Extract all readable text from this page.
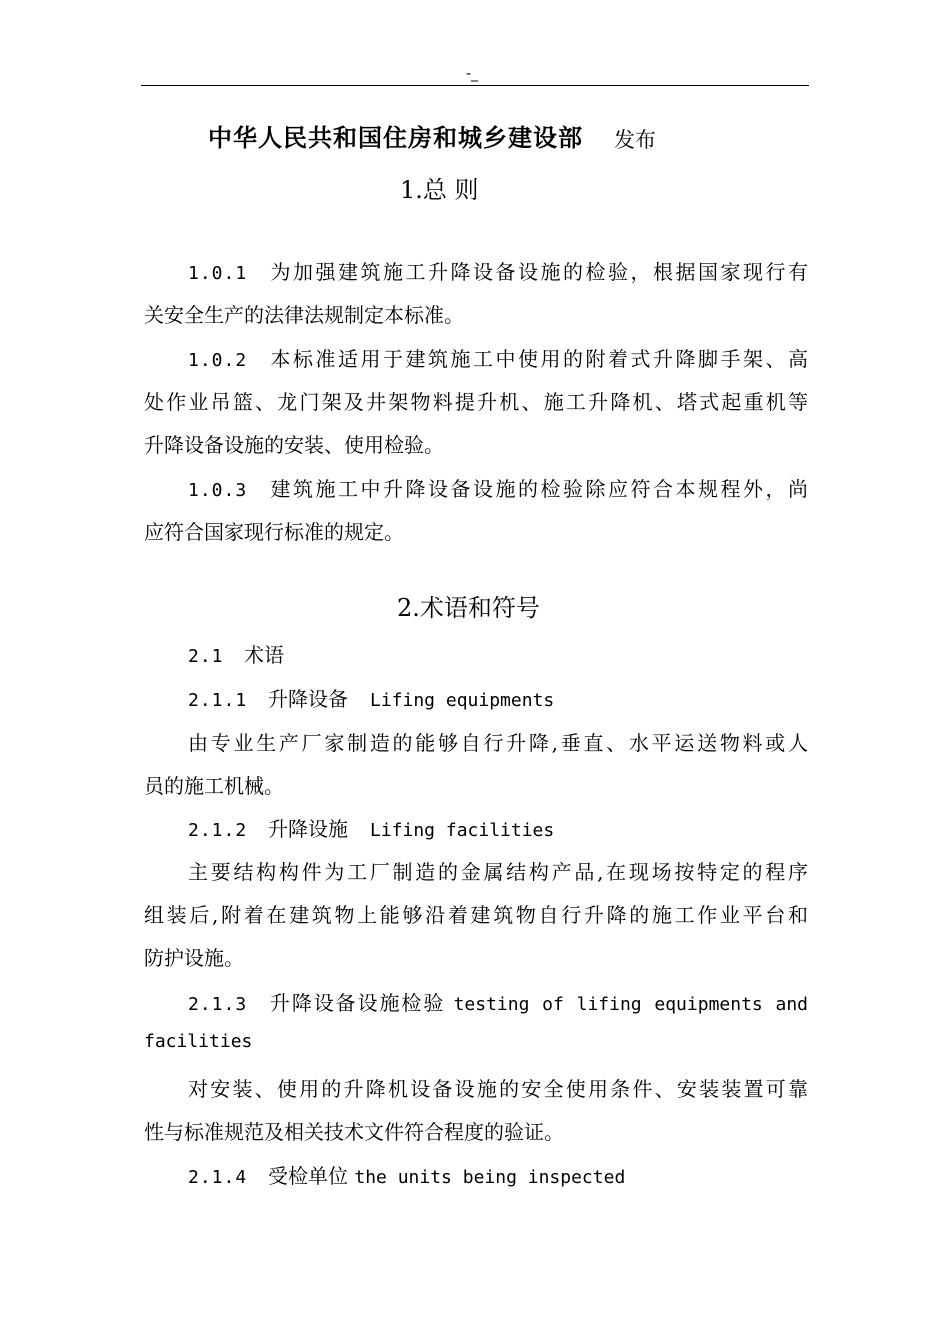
-_
中华人民共和国住房和城乡建设部 发布
1.总 则
1.0.1 为加强建筑施工升降设备设施的检验，根据国家现行有
关安全生产的法律法规制定本标准。
1.0.2 本标准适用于建筑施工中使用的附着式升降脚手架、高
处作业吊篮、龙门架及井架物料提升机、施工升降机、塔式起重机等
升降设备设施的安装、使用检验。
1.0.3 建筑施工中升降设备设施的检验除应符合本规程外，尚
应符合国家现行标准的规定。
2.术语和符号
2.1 术语
2.1.1 升降设备 Lifing equipments
由专业生产厂家制造的能够自行升降,垂直、水平运送物料或人
员的施工机械。
2.1.2 升降设施 Lifing facilities
主要结构构件为工厂制造的金属结构产品,在现场按特定的程序
组装后,附着在建筑物上能够沿着建筑物自行升降的施工作业平台和
防护设施。
2.1.3 升降设备设施检验 testing of lifing equipments and
facilities
对安装、使用的升降机设备设施的安全使用条件、安装装置可靠
性与标准规范及相关技术文件符合程度的验证。
2.1.4 受检单位 the units being inspected
